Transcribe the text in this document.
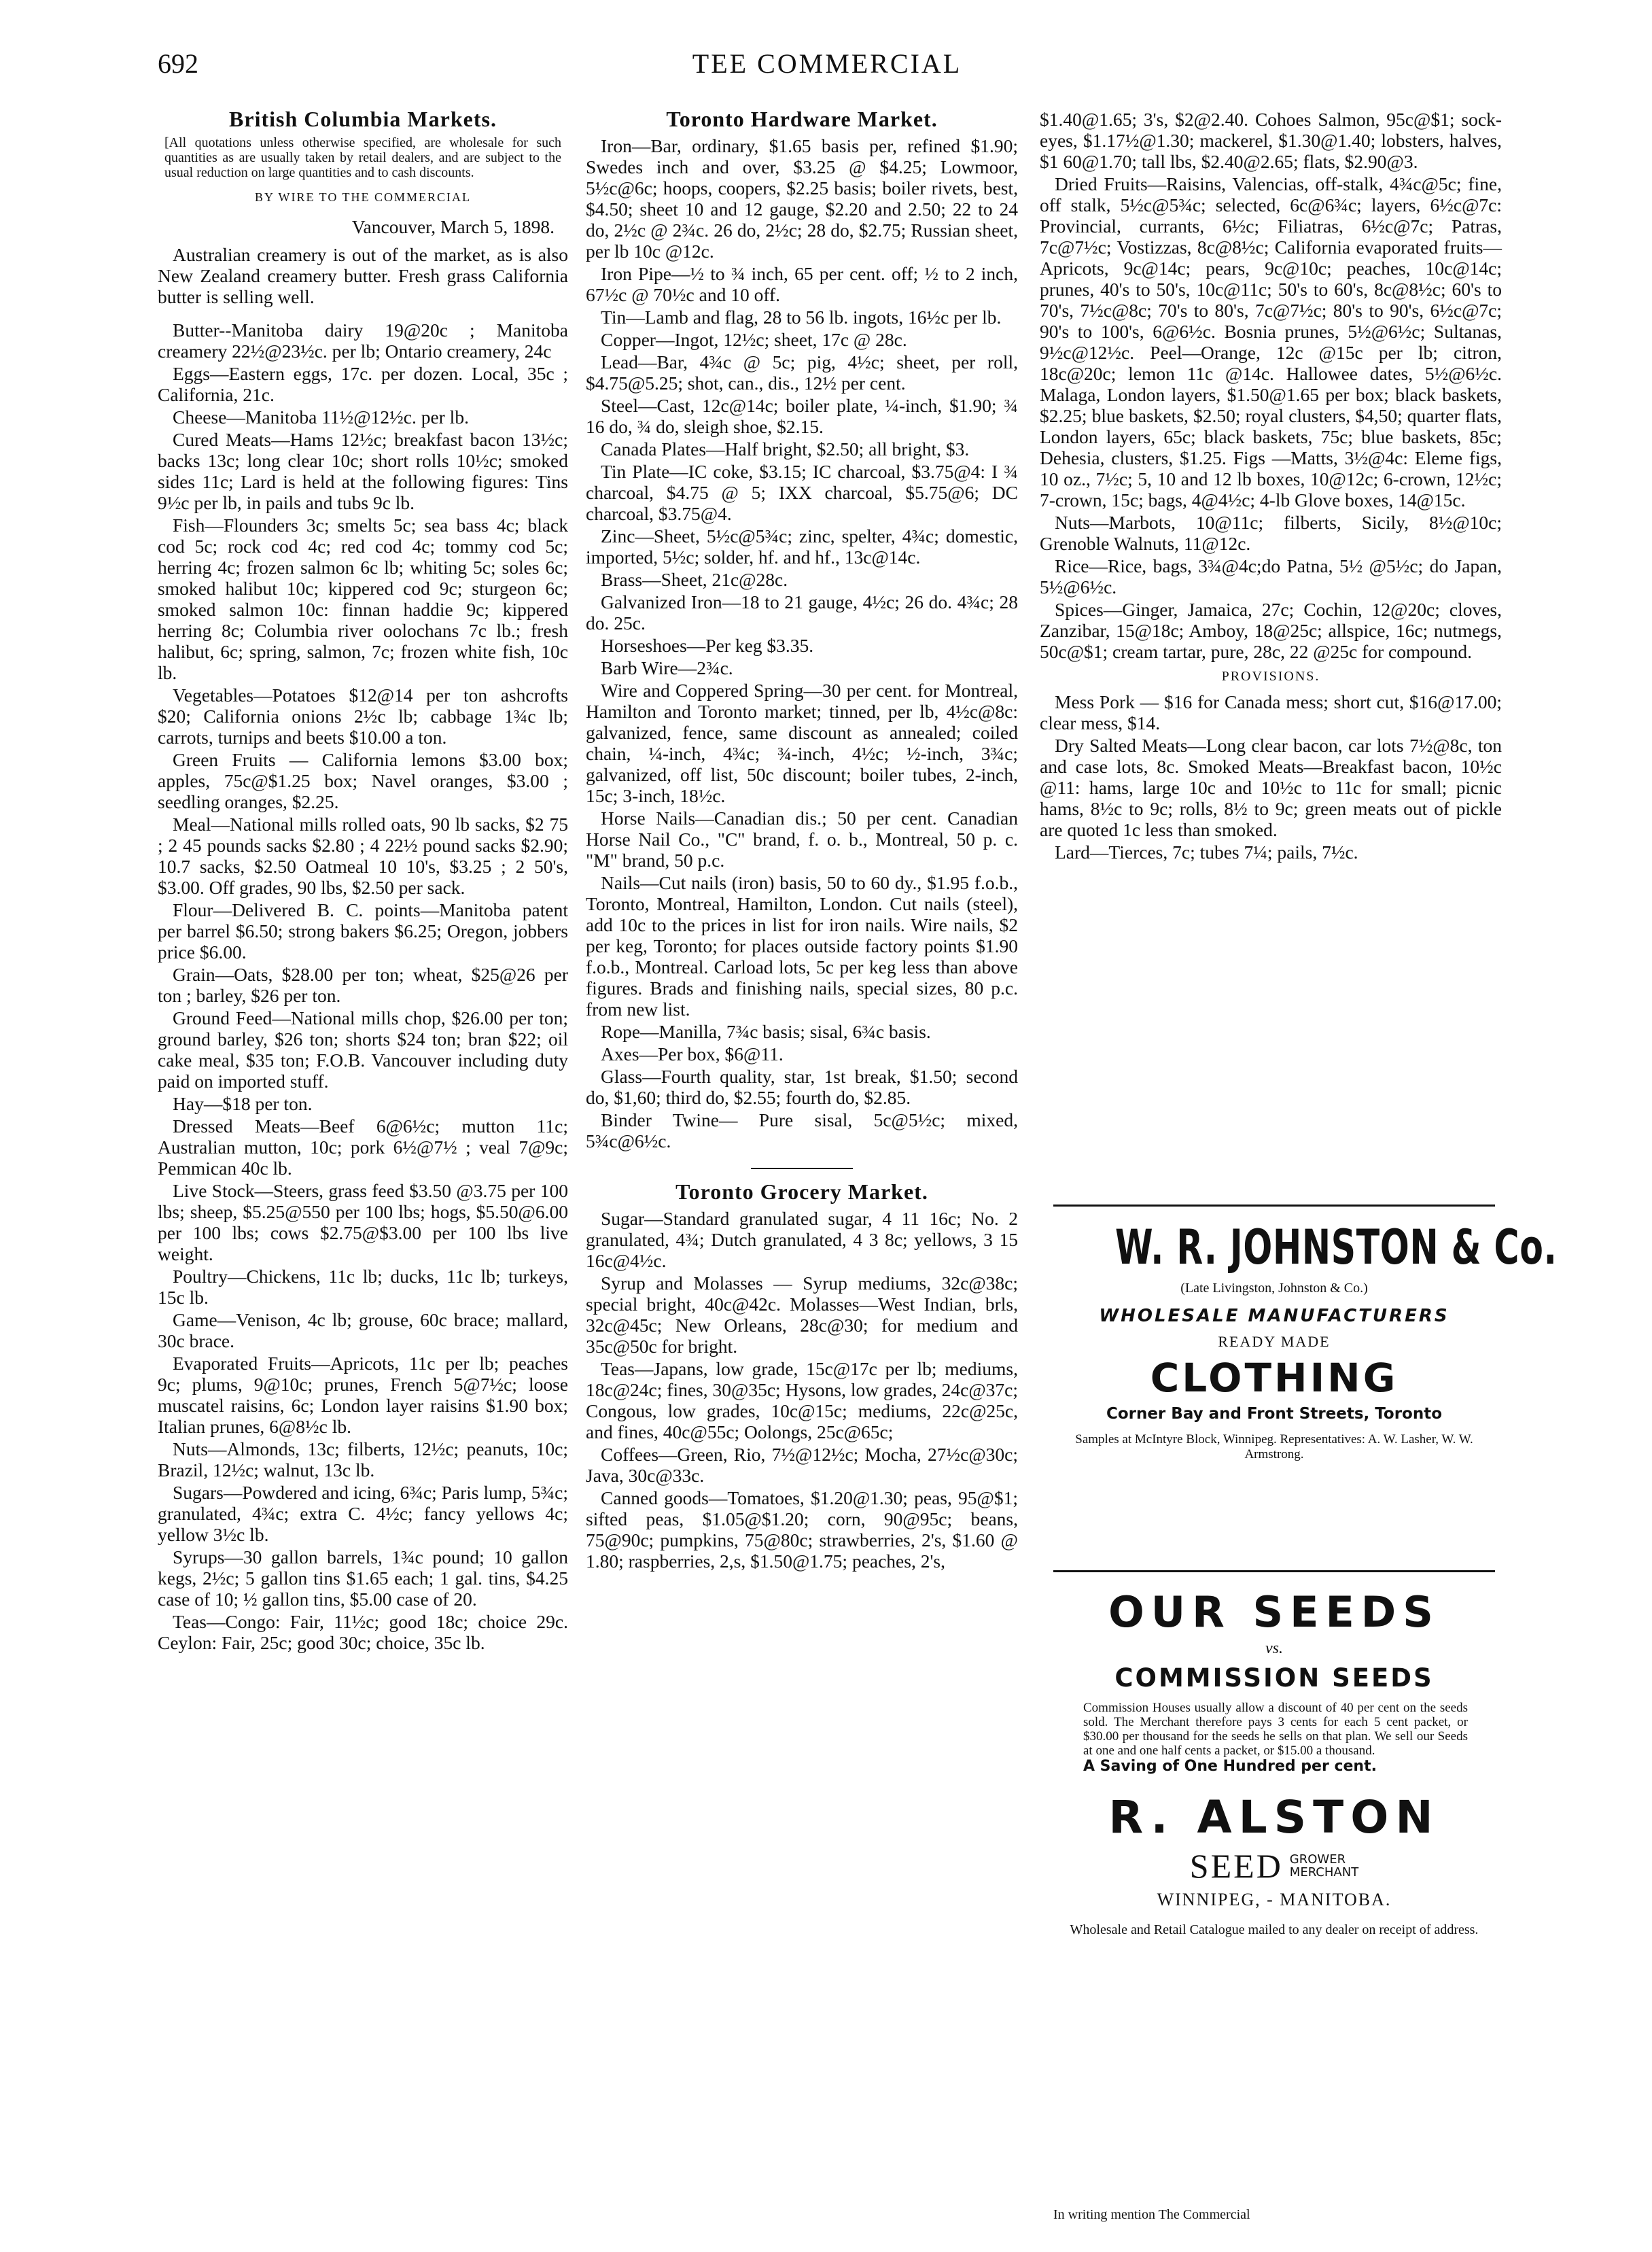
692	TEE COMMERCIAL
British Columbia Markets.
[All quotations unless otherwise specified, are wholesale for such quantities as are usually taken by retail dealers, and are subject to the usual reduction on large quantities and to cash discounts.
BY WIRE TO THE COMMERCIAL
Vancouver, March 5, 1898.

Australian creamery is out of the market, as is also New Zealand creamery butter. Fresh grass California butter is selling well.

Butter--Manitoba dairy 19@20c ; Manitoba creamery 22½@23½c. per lb; Ontario creamery, 24c

Eggs—Eastern eggs, 17c. per dozen. Local, 35c ; California, 21c.

Cheese—Manitoba 11½@12½c. per lb.

Cured Meats—Hams 12½c; breakfast bacon 13½c; backs 13c; long clear 10c; short rolls 10½c; smoked sides 11c; Lard is held at the following figures: Tins 9½c per lb, in pails and tubs 9c lb.

Fish—Flounders 3c; smelts 5c; sea bass 4c; black cod 5c; rock cod 4c; red cod 4c; tommy cod 5c; herring 4c; frozen salmon 6c lb; whiting 5c; soles 6c; smoked halibut 10c; kippered cod 9c; sturgeon 6c; smoked salmon 10c: finnan haddie 9c; kippered herring 8c; Columbia river oolochans 7c lb.; fresh halibut, 6c; spring, salmon, 7c; frozen white fish, 10c lb.

Vegetables—Potatoes $12@14 per ton ashcrofts $20; California onions 2½c lb; cabbage 1¾c lb; carrots, turnips and beets $10.00 a ton.

Green Fruits — California lemons $3.00 box; apples, 75c@$1.25 box; Navel oranges, $3.00 ; seedling oranges, $2.25.

Meal—National mills rolled oats, 90 lb sacks, $2 75 ; 2 45 pounds sacks $2.80 ; 4 22½ pound sacks $2.90; 10.7 sacks, $2.50 Oatmeal 10 10's, $3.25 ; 2 50's, $3.00. Off grades, 90 lbs, $2.50 per sack.

Flour—Delivered B. C. points—Manitoba patent per barrel $6.50; strong bakers $6.25; Oregon, jobbers price $6.00.

Grain—Oats, $28.00 per ton; wheat, $25@26 per ton ; barley, $26 per ton.

Ground Feed—National mills chop, $26.00 per ton; ground barley, $26 ton; shorts $24 ton; bran $22; oil cake meal, $35 ton; F.O.B. Vancouver including duty paid on imported stuff.

Hay—$18 per ton.

Dressed Meats—Beef 6@6½c; mutton 11c; Australian mutton, 10c; pork 6½@7½ ; veal 7@9c; Pemmican 40c lb.

Live Stock—Steers, grass feed $3.50 @3.75 per 100 lbs; sheep, $5.25@550 per 100 lbs; hogs, $5.50@6.00 per 100 lbs; cows $2.75@$3.00 per 100 lbs live weight.

Poultry—Chickens, 11c lb; ducks, 11c lb; turkeys, 15c lb.

Game—Venison, 4c lb; grouse, 60c brace; mallard, 30c brace.

Evaporated Fruits—Apricots, 11c per lb; peaches 9c; plums, 9@10c; prunes, French 5@7½c; loose muscatel raisins, 6c; London layer raisins $1.90 box; Italian prunes, 6@8½c lb.

Nuts—Almonds, 13c; filberts, 12½c; peanuts, 10c; Brazil, 12½c; walnut, 13c lb.

Sugars—Powdered and icing, 6¾c; Paris lump, 5¾c; granulated, 4¾c; extra C. 4½c; fancy yellows 4c; yellow 3½c lb.

Syrups—30 gallon barrels, 1¾c pound; 10 gallon kegs, 2½c; 5 gallon tins $1.65 each; 1 gal. tins, $4.25 case of 10; ½ gallon tins, $5.00 case of 20.

Teas—Congo: Fair, 11½c; good 18c; choice 29c. Ceylon: Fair, 25c; good 30c; choice, 35c lb.

Toronto Hardware Market.

Iron—Bar, ordinary, $1.65 basis per, refined $1.90; Swedes inch and over, $3.25 @ $4.25; Lowmoor, 5½c@6c; hoops, coopers, $2.25 basis; boiler rivets, best, $4.50; sheet 10 and 12 gauge, $2.20 and 2.50; 22 to 24 do, 2½c @ 2¾c. 26 do, 2½c; 28 do, $2.75; Russian sheet, per lb 10c @12c.

Iron Pipe—½ to ¾ inch, 65 per cent. off; ½ to 2 inch, 67½c @ 70½c and 10 off.

Tin—Lamb and flag, 28 to 56 lb. ingots, 16½c per lb.

Copper—Ingot, 12½c; sheet, 17c @ 28c.

Lead—Bar, 4¾c @ 5c; pig, 4½c; sheet, per roll, $4.75@5.25; shot, can., dis., 12½ per cent.

Steel—Cast, 12c@14c; boiler plate, ¼-inch, $1.90; ¾ 16 do, ¾ do, sleigh shoe, $2.15.

Canada Plates—Half bright, $2.50; all bright, $3.

Tin Plate—IC coke, $3.15; IC charcoal, $3.75@4: I ¾ charcoal, $4.75 @ 5; IXX charcoal, $5.75@6; DC charcoal, $3.75@4.

Zinc—Sheet, 5½c@5¾c; zinc, spelter, 4¾c; domestic, imported, 5½c; solder, hf. and hf., 13c@14c.

Brass—Sheet, 21c@28c.

Galvanized Iron—18 to 21 gauge, 4½c; 26 do. 4¾c; 28 do. 25c.

Horseshoes—Per keg $3.35.

Barb Wire—2¾c.

Wire and Coppered Spring—30 per cent. for Montreal, Hamilton and Toronto market; tinned, per lb, 4½c@8c: galvanized, fence, same discount as annealed; coiled chain, ¼-inch, 4¾c; ¾-inch, 4½c; ½-inch, 3¾c; galvanized, off list, 50c discount; boiler tubes, 2-inch, 15c; 3-inch, 18½c.

Horse Nails—Canadian dis.; 50 per cent. Canadian Horse Nail Co., "C" brand, f. o. b., Montreal, 50 p. c. "M" brand, 50 p.c.

Nails—Cut nails (iron) basis, 50 to 60 dy., $1.95 f.o.b., Toronto, Montreal, Hamilton, London. Cut nails (steel), add 10c to the prices in list for iron nails. Wire nails, $2 per keg, Toronto; for places outside factory points $1.90 f.o.b., Montreal. Carload lots, 5c per keg less than above figures. Brads and finishing nails, special sizes, 80 p.c. from new list.

Rope—Manilla, 7¾c basis; sisal, 6¾c basis.

Axes—Per box, $6@11.

Glass—Fourth quality, star, 1st break, $1.50; second do, $1,60; third do, $2.55; fourth do, $2.85.

Binder Twine— Pure sisal, 5c@5½c; mixed, 5¾c@6½c.

Toronto Grocery Market.

Sugar—Standard granulated sugar, 4 11 16c; No. 2 granulated, 4¾; Dutch granulated, 4 3 8c; yellows, 3 15 16c@4½c.

Syrup and Molasses — Syrup mediums, 32c@38c; special bright, 40c@42c. Molasses—West Indian, brls, 32c@45c; New Orleans, 28c@30; for medium and 35c@50c for bright.

Teas—Japans, low grade, 15c@17c per lb; mediums, 18c@24c; fines, 30@35c; Hysons, low grades, 24c@37c; Congous, low grades, 10c@15c; mediums, 22c@25c, and fines, 40c@55c; Oolongs, 25c@65c;

Coffees—Green, Rio, 7½@12½c; Mocha, 27½c@30c; Java, 30c@33c.

Canned goods—Tomatoes, $1.20@1.30; peas, 95@$1; sifted peas, $1.05@$1.20; corn, 90@95c; beans, 75@90c; pumpkins, 75@80c; strawberries, 2's, $1.60 @ 1.80; raspberries, 2,s, $1.50@1.75; peaches, 2's,

$1.40@1.65; 3's, $2@2.40. Cohoes Salmon, 95c@$1; sock-eyes, $1.17½@1.30; mackerel, $1.30@1.40; lobsters, halves, $1 60@1.70; tall lbs, $2.40@2.65; flats, $2.90@3.

Dried Fruits—Raisins, Valencias, off-stalk, 4¾c@5c; fine, off stalk, 5½c@5¾c; selected, 6c@6¾c; layers, 6½c@7c: Provincial, currants, 6½c; Filiatras, 6½c@7c; Patras, 7c@7½c; Vostizzas, 8c@8½c; California evaporated fruits—Apricots, 9c@14c; pears, 9c@10c; peaches, 10c@14c; prunes, 40's to 50's, 10c@11c; 50's to 60's, 8c@8½c; 60's to 70's, 7½c@8c; 70's to 80's, 7c@7½c; 80's to 90's, 6½c@7c; 90's to 100's, 6@6½c. Bosnia prunes, 5½@6½c; Sultanas, 9½c@12½c. Peel—Orange, 12c @15c per lb; citron, 18c@20c; lemon 11c @14c. Hallowee dates, 5½@6½c. Malaga, London layers, $1.50@1.65 per box; black baskets, $2.25; blue baskets, $2.50; royal clusters, $4,50; quarter flats, London layers, 65c; black baskets, 75c; blue baskets, 85c; Dehesia, clusters, $1.25. Figs —Matts, 3½@4c: Eleme figs, 10 oz., 7½c; 5, 10 and 12 lb boxes, 10@12c; 6-crown, 12½c; 7-crown, 15c; bags, 4@4½c; 4-lb Glove boxes, 14@15c.

Nuts—Marbots, 10@11c; filberts, Sicily, 8½@10c; Grenoble Walnuts, 11@12c.

Rice—Rice, bags, 3¾@4c;do Patna, 5½ @5½c; do Japan, 5½@6½c.

Spices—Ginger, Jamaica, 27c; Cochin, 12@20c; cloves, Zanzibar, 15@18c; Amboy, 18@25c; allspice, 16c; nutmegs, 50c@$1; cream tartar, pure, 28c, 22 @25c for compound.

PROVISIONS.

Mess Pork — $16 for Canada mess; short cut, $16@17.00; clear mess, $14.

Dry Salted Meats—Long clear bacon, car lots 7½@8c, ton and case lots, 8c. Smoked Meats—Breakfast bacon, 10½c @11: hams, large 10c and 10½c to 11c for small; picnic hams, 8½c to 9c; rolls, 8½ to 9c; green meats out of pickle are quoted 1c less than smoked.

Lard—Tierces, 7c; tubes 7¼; pails, 7½c.

W. R. JOHNSTON & Co.
(Late Livingston, Johnston & Co.)
WHOLESALE MANUFACTURERS
READY MADE
CLOTHING
Corner Bay and Front Streets, Toronto
Samples at McIntyre Block, Winnipeg. Representatives: A. W. Lasher, W. W. Armstrong.
OUR SEEDS
vs.
COMMISSION SEEDS
Commission Houses usually allow a discount of 40 per cent on the seeds sold. The Merchant therefore pays 3 cents for each 5 cent packet, or $30.00 per thousand for the seeds he sells on that plan. We sell our Seeds at one and one half cents a packet, or $15.00 a thousand.
A Saving of One Hundred per cent.
R. ALSTON
SEED GROWER
MERCHANT
WINNIPEG, - MANITOBA.
Wholesale and Retail Catalogue mailed to any dealer on receipt of address.
In writing mention The Commercial
